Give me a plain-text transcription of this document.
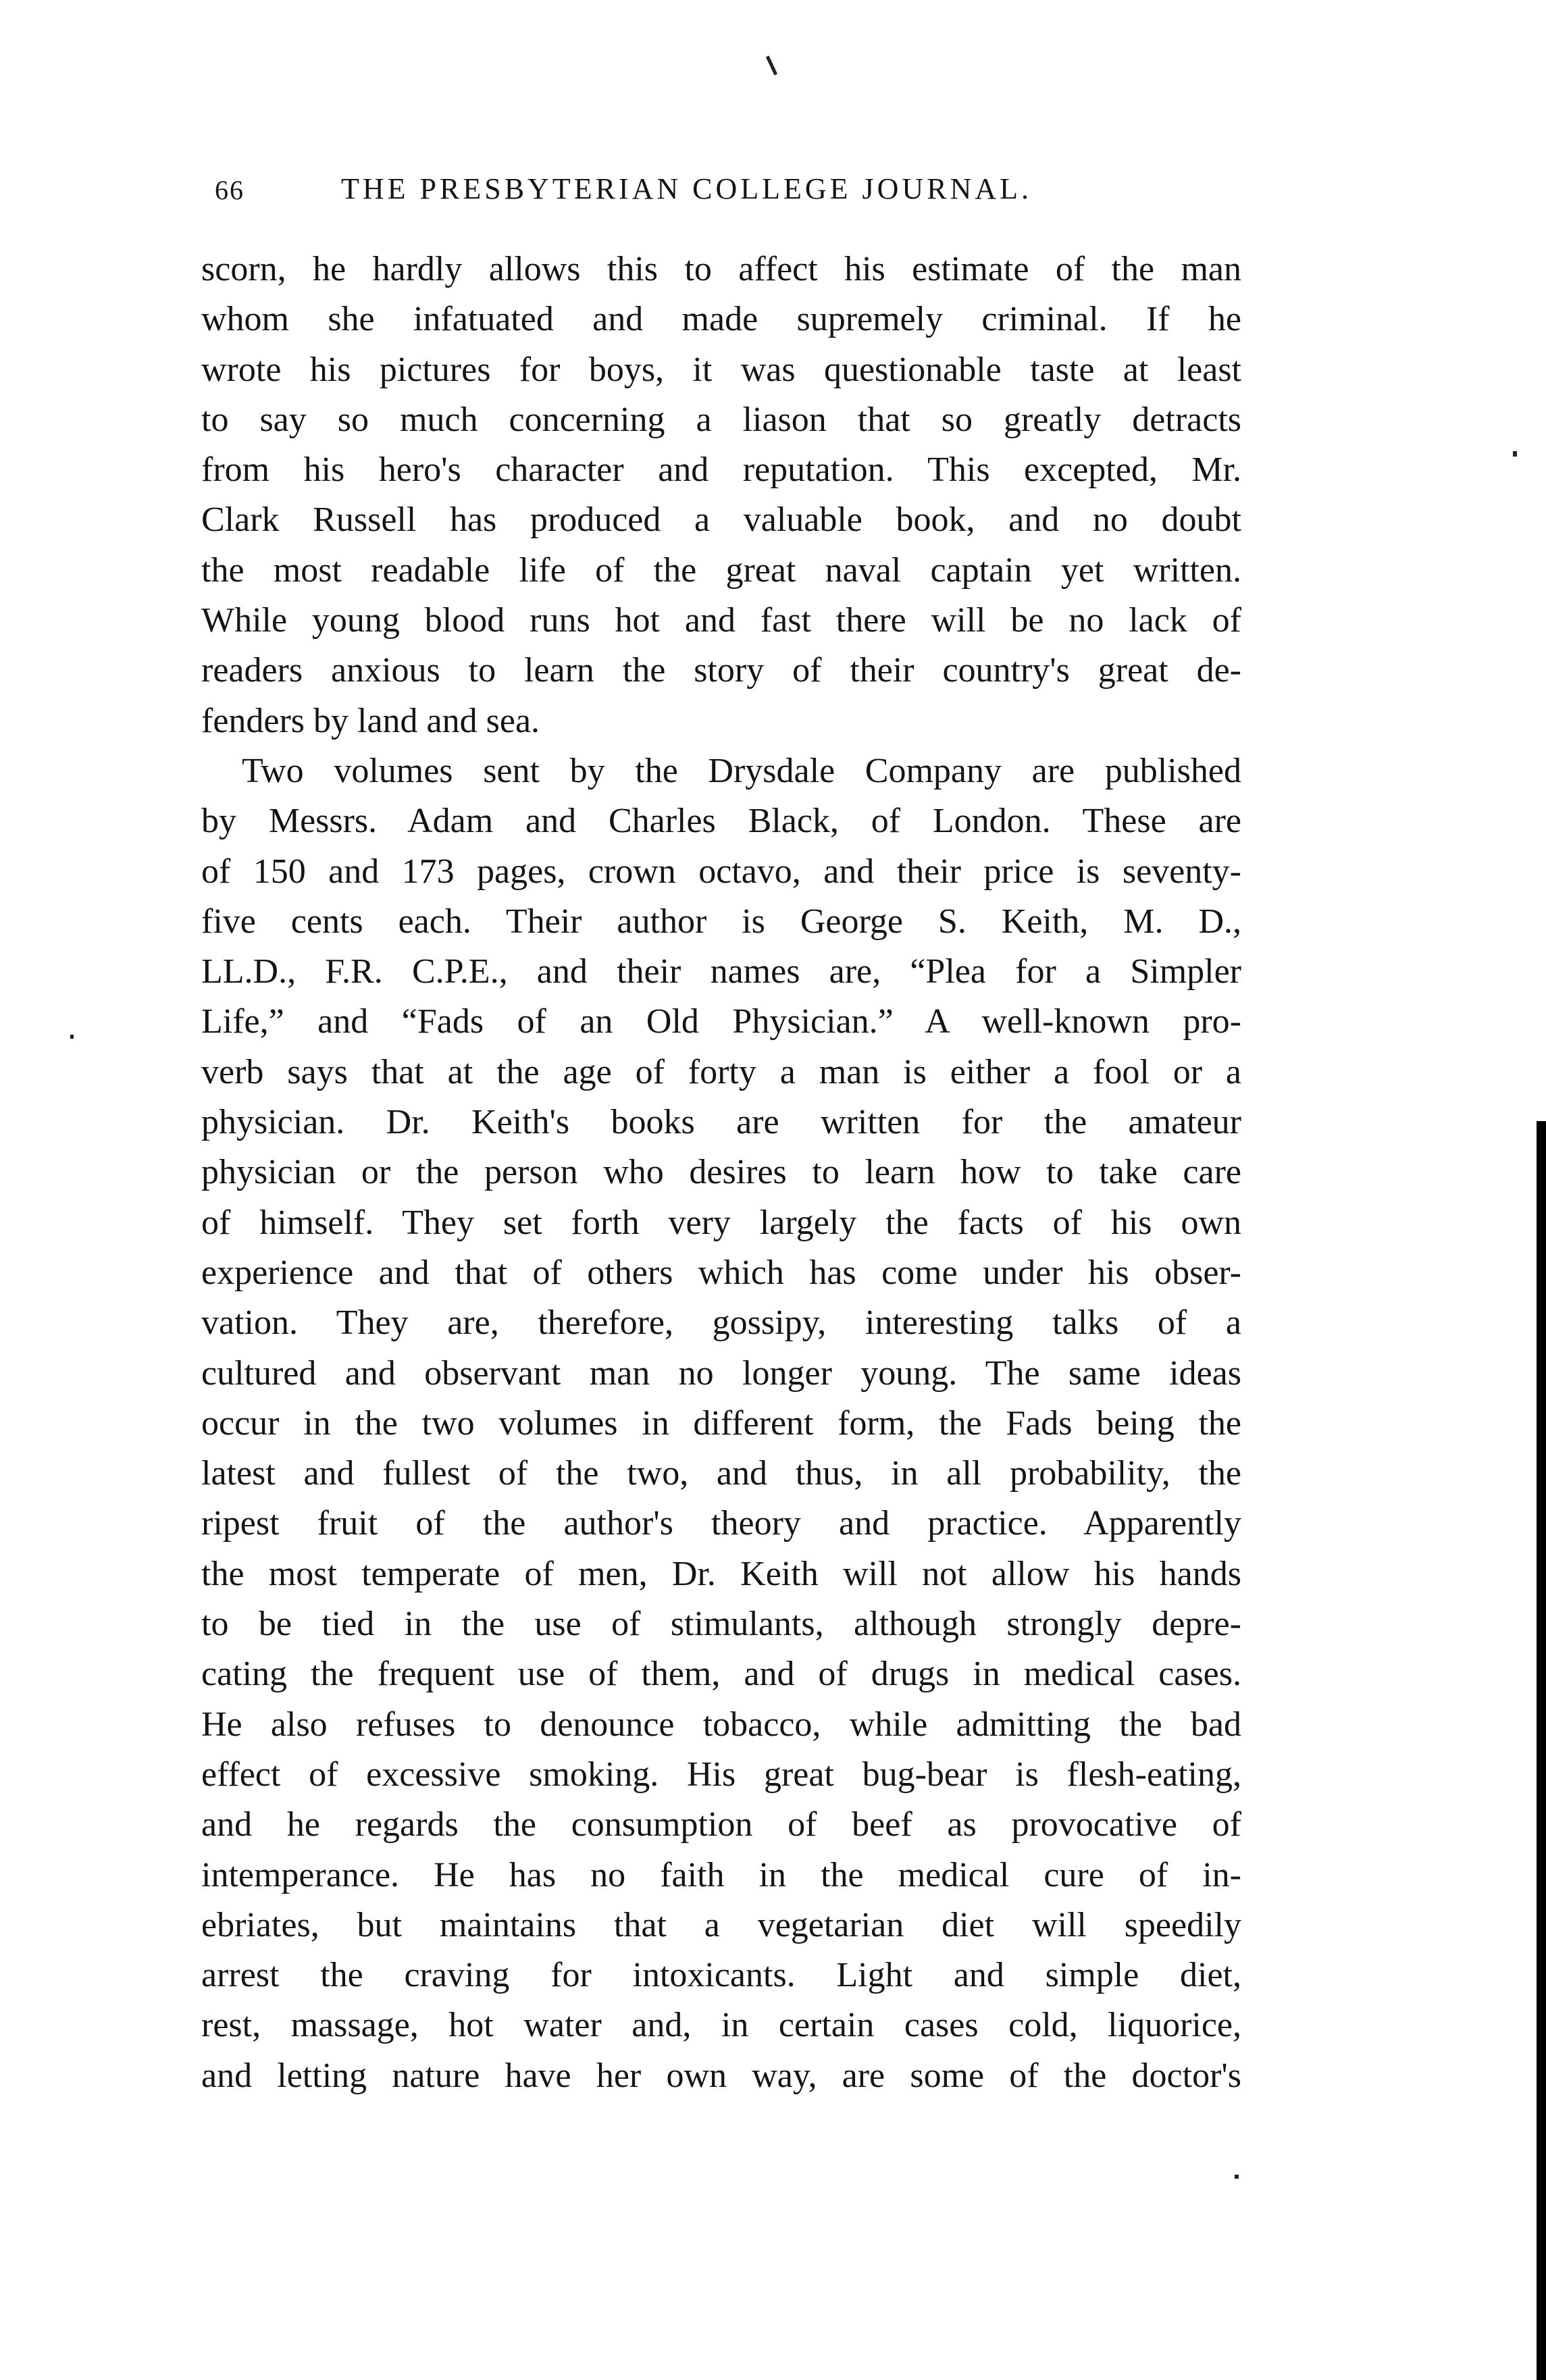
66	THE PRESBYTERIAN COLLEGE JOURNAL.
scorn, he hardly allows this to affect his estimate of the man
whom she infatuated and made supremely criminal. If he
wrote his pictures for boys, it was questionable taste at least
to say so much concerning a liason that so greatly detracts
from his hero's character and reputation. This excepted, Mr.
Clark Russell has produced a valuable book, and no doubt
the most readable life of the great naval captain yet written.
While young blood runs hot and fast there will be no lack of
readers anxious to learn the story of their country's great de-
fenders by land and sea.
Two volumes sent by the Drysdale Company are published
by Messrs. Adam and Charles Black, of London. These are
of 150 and 173 pages, crown octavo, and their price is seventy-
five cents each. Their author is George S. Keith, M. D.,
LL.D., F.R. C.P.E., and their names are, “Plea for a Simpler
Life,” and “Fads of an Old Physician.” A well-known pro-
verb says that at the age of forty a man is either a fool or a
physician. Dr. Keith's books are written for the amateur
physician or the person who desires to learn how to take care
of himself. They set forth very largely the facts of his own
experience and that of others which has come under his obser-
vation. They are, therefore, gossipy, interesting talks of a
cultured and observant man no longer young. The same ideas
occur in the two volumes in different form, the Fads being the
latest and fullest of the two, and thus, in all probability, the
ripest fruit of the author's theory and practice. Apparently
the most temperate of men, Dr. Keith will not allow his hands
to be tied in the use of stimulants, although strongly depre-
cating the frequent use of them, and of drugs in medical cases.
He also refuses to denounce tobacco, while admitting the bad
effect of excessive smoking. His great bug-bear is flesh-eating,
and he regards the consumption of beef as provocative of
intemperance. He has no faith in the medical cure of in-
ebriates, but maintains that a vegetarian diet will speedily
arrest the craving for intoxicants. Light and simple diet,
rest, massage, hot water and, in certain cases cold, liquorice,
and letting nature have her own way, are some of the doctor's
